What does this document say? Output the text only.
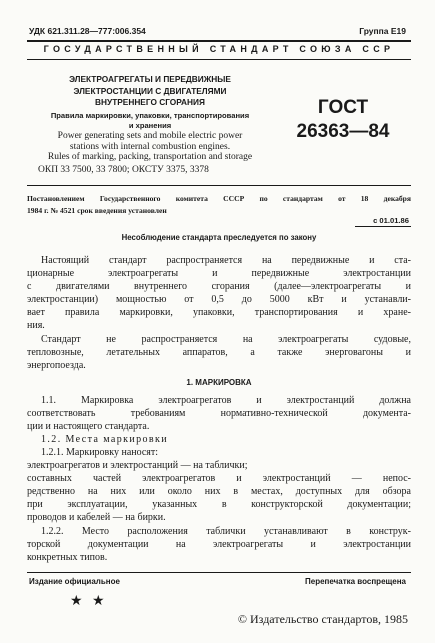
УДК 621.311.28—777:006.354	Группа Е19
ГОСУДАРСТВЕННЫЙ СТАНДАРТ СОЮЗА ССР
ЭЛЕКТРОАГРЕГАТЫ И ПЕРЕДВИЖНЫЕ
ЭЛЕКТРОСТАНЦИИ С ДВИГАТЕЛЯМИ
ВНУТРЕННЕГО СГОРАНИЯ
Правила маркировки, упаковки, транспортирования
и хранения
Power generating sets and mobile electric power
stations with internal combustion engines.
Rules of marking, packing, transportation and storage
ОКП 33 7500, 33 7800; ОКСТУ 3375, 3378
ГОСТ
26363—84
Постановлением Государственного комитета СССР по стандартам от 18 декабря
1984 г. № 4521 срок введения установлен
с 01.01.86
Несоблюдение стандарта преследуется по закону
Настоящий стандарт распространяется на передвижные и ста-
ционарные электроагрегаты и передвижные электростанции
с двигателями внутреннего сгорания (далее—электроагрегаты и
электростанции) мощностью от 0,5 до 5000 кВт и устанавли-
вает правила маркировки, упаковки, транспортирования и хране-
ния.
Стандарт не распространяется на электроагрегаты судовые,
тепловозные, летательных аппаратов, а также энерговагоны и
энергопоезда.
1. МАРКИРОВКА
1.1. Маркировка электроагрегатов и электростанций должна
соответствовать требованиям нормативно-технической документа-
ции и настоящего стандарта.
1.2. Места маркировки
1.2.1. Маркировку наносят:
электроагрегатов и электростанций — на таблички;
составных частей электроагрегатов и электростанций — непос-
редственно на них или около них в местах, доступных для обзора
при эксплуатации, указанных в конструкторской документации;
проводов и кабелей — на бирки.
1.2.2. Место расположения таблички устанавливают в конструк-
торской документации на электроагрегаты и электростанции
конкретных типов.
Издание официальное	Перепечатка воспрещена
★ ★
© Издательство стандартов, 1985
